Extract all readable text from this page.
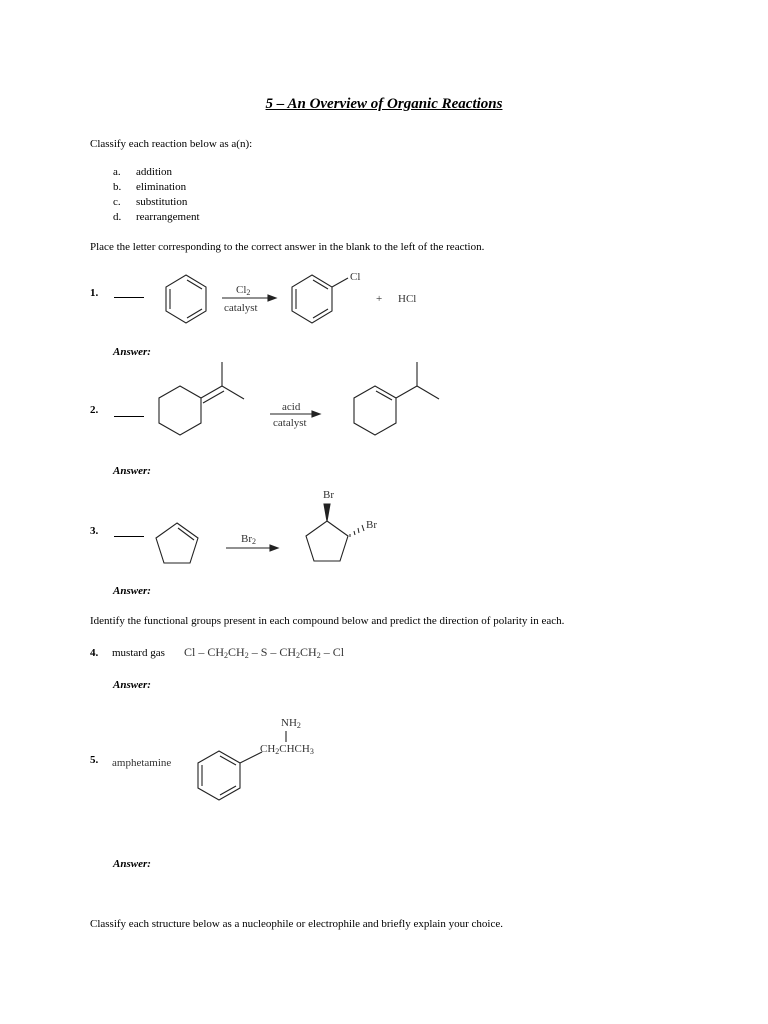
5 – An Overview of Organic Reactions
Classify each reaction below as a(n):
a. addition
b. elimination
c. substitution
d. rearrangement
Place the letter corresponding to the correct answer in the blank to the left of the reaction.
1.	$Cl_2$
catalyst
Cl
+ HCl
Answer:
2.	acid
catalyst
Answer:
3.
$Br_2$
Br
Br
Answer:
Identify the functional groups present in each compound below and predict the direction of polarity in each.
4. mustard gas Cl – $CH_2CH_2$ – S – $CH_2CH_2$ – Cl
Answer:
5. amphetamine
$NH_2$
$CH_2CHCH_3$
Answer:
Classify each structure below as a nucleophile or electrophile and briefly explain your choice.
